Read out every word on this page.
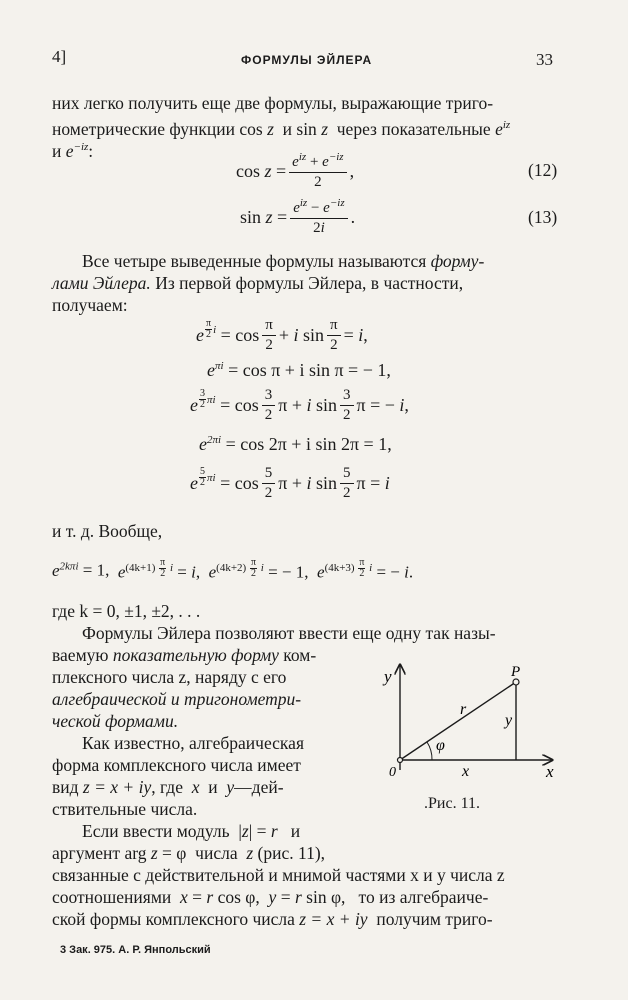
4]	ФОРМУЛЫ ЭЙЛЕРА	33
них легко получить еще две формулы, выражающие триго-
нометрические функции cos z и sin z через показательные $e^{iz}$
и $e^{-iz}$:
$\cos z = \frac{e^{iz} + e^{-iz}}{2}$ ,	(12)
$\sin z = \frac{e^{iz} - e^{-iz}}{2i}$ .	(13)
Все четыре выведенные формулы называются форму-
лами Эйлера. Из первой формулы Эйлера, в частности,
получаем:
e
π
2 $i = \cos \frac{\pi}{2} + i$ $\sin \frac{\pi}{2} = i$,
$e^{\pi i}$
= cos π + i sin π = − 1,
e
3
2 $\pi i = \cos \frac{3}{2}$ π + i $\sin \frac{3}{2}$ π = − i,
$e^{2\pi i}$
= cos 2π + i sin 2π = 1,
e
5
2 $\pi i = \cos \frac{5}{2}$ π + i $\sin \frac{5}{2}$ π = i
и т. д. Вообще,
$e^{2k\pi i} = 1$, $e^{(4k+1) \frac{\pi}{2} i} = i$, $e^{(4k+2) \frac{\pi}{2} i}$ = − 1, $e^{(4k+3) \frac{\pi}{2} i}$ = − i.
где k = 0, ±1, ±2, . . .
Формулы Эйлера позволяют ввести еще одну так назы-
ваемую показательную форму ком-
плексного числа z, наряду с его
алгебраической и тригонометри-
ческой формами.
Как известно, алгебраическая
форма комплексного числа имеет
вид z = x + iy, где x  и  y—дей-
ствительные числа.
Если ввести модуль  |z| = r и
аргумент arg z = φ  числа z (рис. 11),
связанные с действительной и мнимой частями x и y числа z
соотношениями x = r cos φ,  y = r sin φ,   то из алгебраиче-
ской формы комплексного числа z = x + iy получим триго-
y
x
0
P
r
φ
y
x
.Рис. 11.
3 Зак. 975. А. Р. Янпольский
